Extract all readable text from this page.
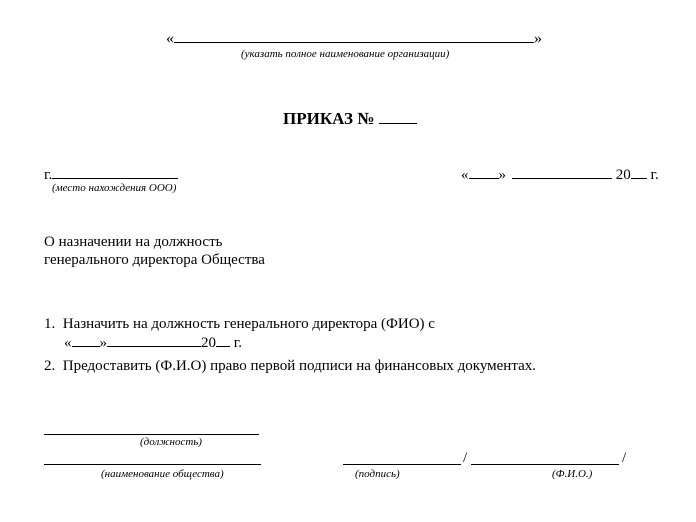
«	»
(указать полное наименование организации)
ПРИКАЗ №
г.
(место нахождения ООО)
« »	20 г.
О назначении на должность
генерального директора Общества
1. Назначить на должность генерального директора (ФИО) с
« »	20 г.
2. Предоставить (Ф.И.О) право первой подписи на финансовых документах.
(должность)
(наименование общества)
/	/
(подпись)	(Ф.И.О.)
